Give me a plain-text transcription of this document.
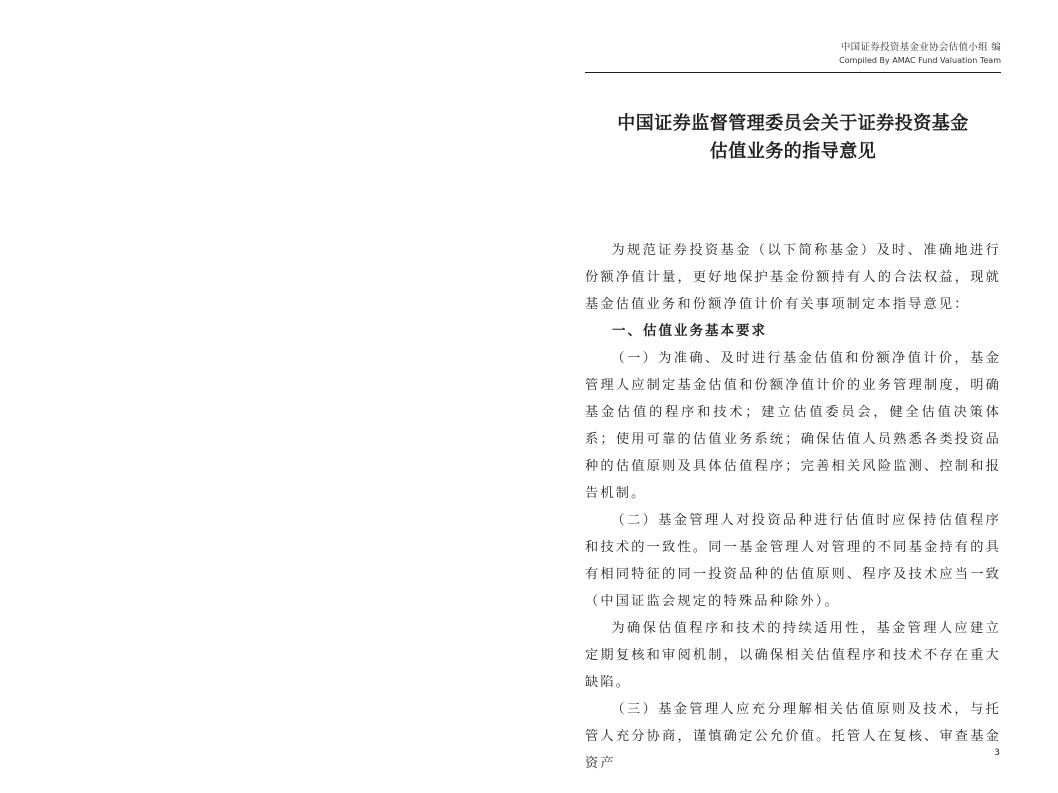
中国证券投资基金业协会估值小组 编
Compiled By AMAC Fund Valuation Team
中国证券监督管理委员会关于证券投资基金
估值业务的指导意见

为规范证券投资基金（以下简称基金）及时、准确地进行份额净值计量，更好地保护基金份额持有人的合法权益，现就基金估值业务和份额净值计价有关事项制定本指导意见：

一、估值业务基本要求

（一）为准确、及时进行基金估值和份额净值计价，基金管理人应制定基金估值和份额净值计价的业务管理制度，明确基金估值的程序和技术；建立估值委员会，健全估值决策体系；使用可靠的估值业务系统；确保估值人员熟悉各类投资品种的估值原则及具体估值程序；完善相关风险监测、控制和报告机制。

（二）基金管理人对投资品种进行估值时应保持估值程序和技术的一致性。同一基金管理人对管理的不同基金持有的具有相同特征的同一投资品种的估值原则、程序及技术应当一致（中国证监会规定的特殊品种除外）。

为确保估值程序和技术的持续适用性，基金管理人应建立定期复核和审阅机制，以确保相关估值程序和技术不存在重大缺陷。

（三）基金管理人应充分理解相关估值原则及技术，与托管人充分协商，谨慎确定公允价值。托管人在复核、审查基金资产

3
